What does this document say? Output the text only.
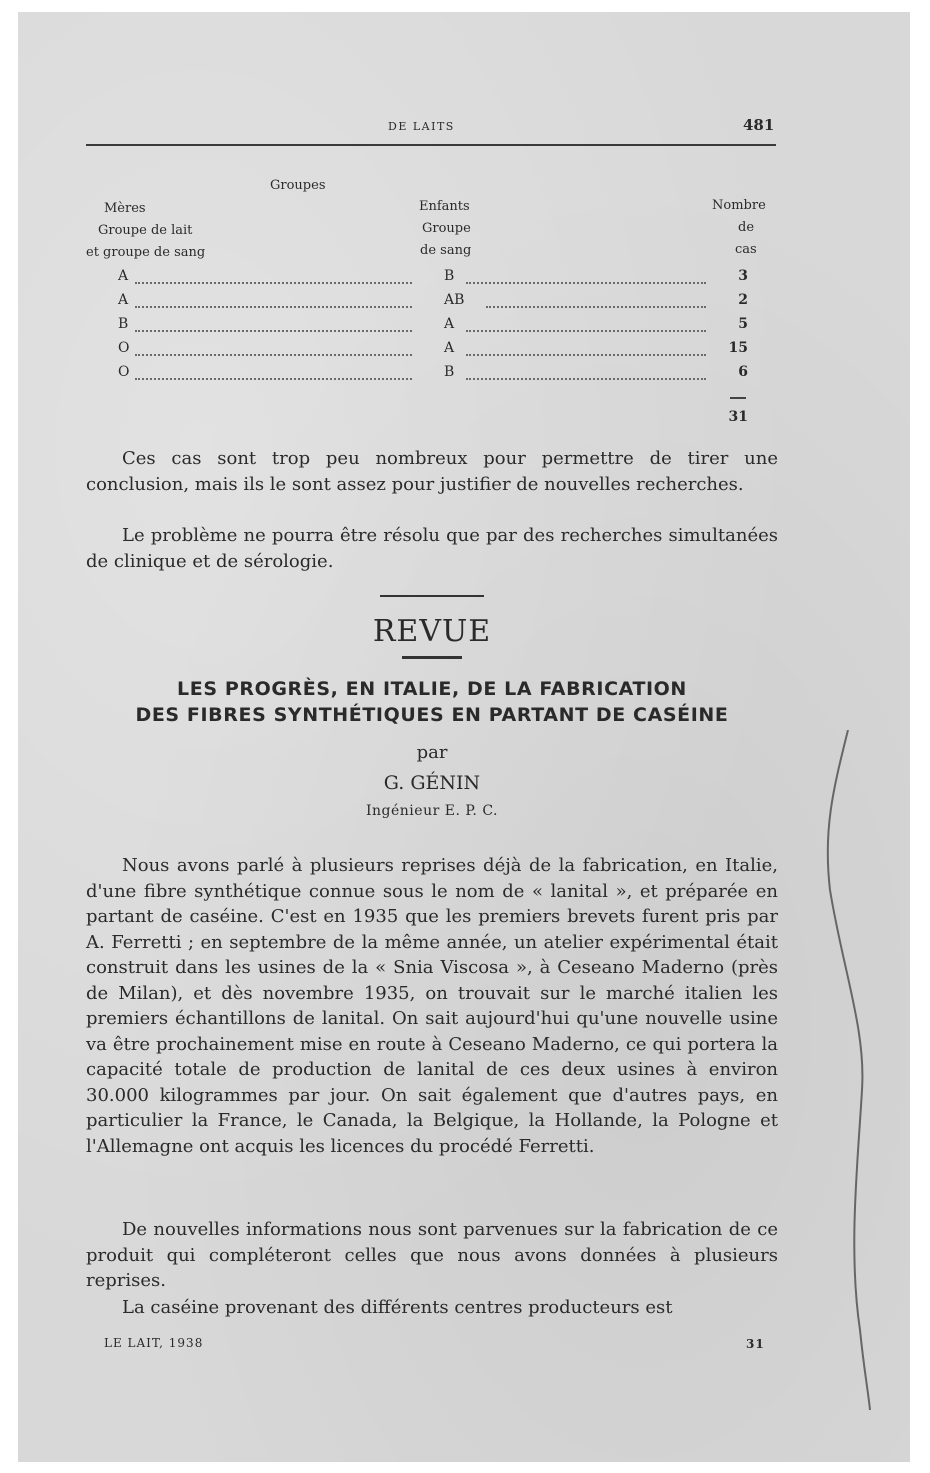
DE LAITS	481
Groupes
Mères
Groupe de lait
et groupe de sang
Enfants
Groupe
de sang
Nombre
de
cas
A	B	3
A	AB	2
B	A	5
O	A	15
O	B	6
31
Ces cas sont trop peu nombreux pour permettre de tirer une conclusion, mais ils le sont assez pour justifier de nouvelles recherches.
Le problème ne pourra être résolu que par des recherches simultanées de clinique et de sérologie.
REVUE
LES PROGRÈS, EN ITALIE, DE LA FABRICATION
DES FIBRES SYNTHÉTIQUES EN PARTANT DE CASÉINE
par
G. GÉNIN
Ingénieur E. P. C.
Nous avons parlé à plusieurs reprises déjà de la fabrication, en Italie, d'une fibre synthétique connue sous le nom de « lanital », et préparée en partant de caséine. C'est en 1935 que les premiers brevets furent pris par A. Ferretti ; en septembre de la même année, un atelier expérimental était construit dans les usines de la « Snia Viscosa », à Ceseano Maderno (près de Milan), et dès novembre 1935, on trouvait sur le marché italien les premiers échantillons de lanital. On sait aujourd'hui qu'une nouvelle usine va être prochainement mise en route à Ceseano Maderno, ce qui portera la capacité totale de production de lanital de ces deux usines à environ 30.000 kilogrammes par jour. On sait également que d'autres pays, en particulier la France, le Canada, la Belgique, la Hollande, la Pologne et l'Allemagne ont acquis les licences du procédé Ferretti.
De nouvelles informations nous sont parvenues sur la fabrication de ce produit qui compléteront celles que nous avons données à plusieurs reprises.
La caséine provenant des différents centres producteurs est
LE LAIT, 1938	31
